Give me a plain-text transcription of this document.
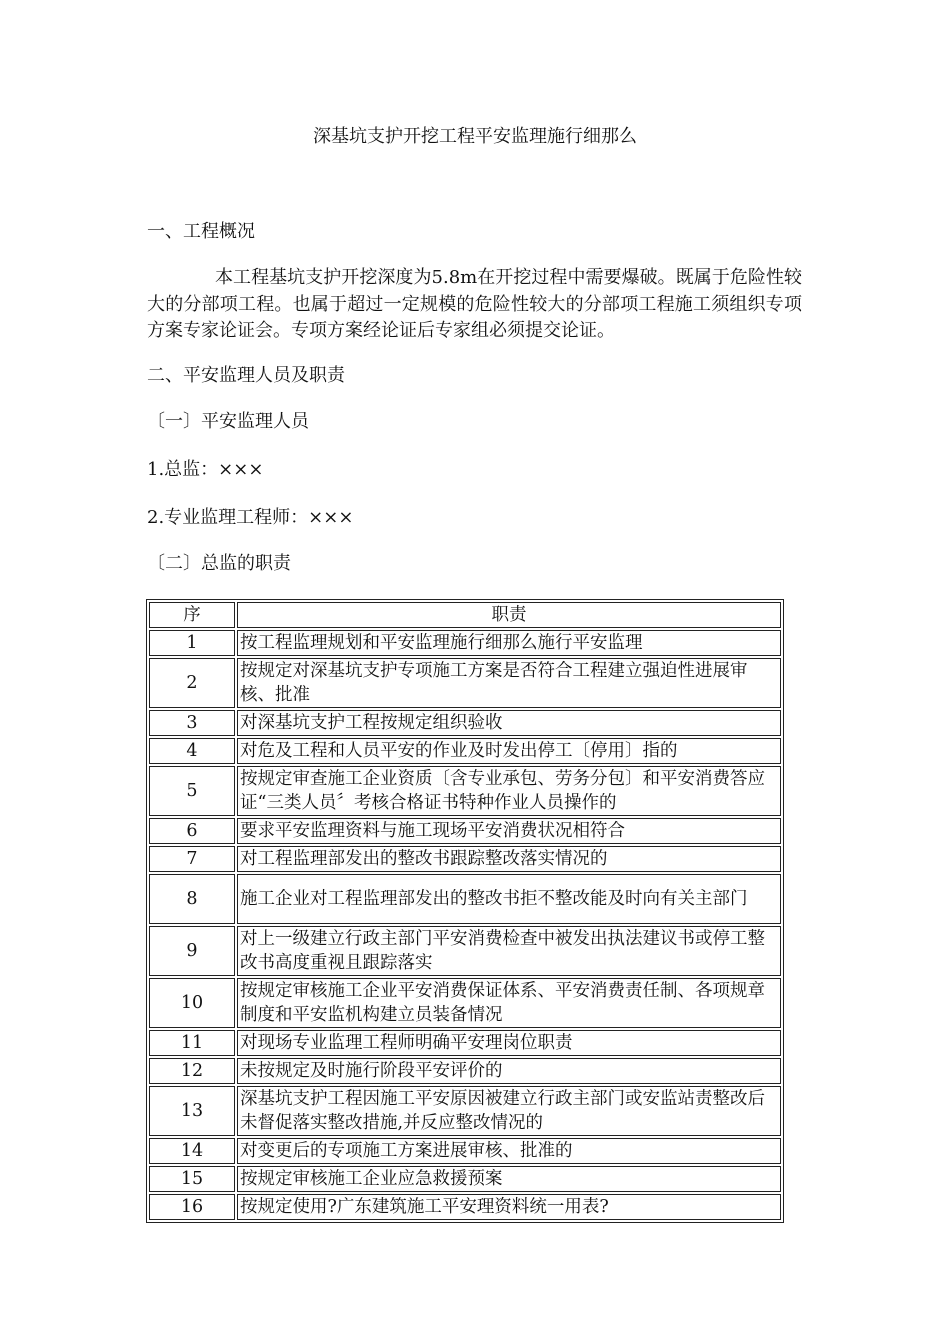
深基坑支护开挖工程平安监理施行细那么
一、工程概况
本工程基坑支护开挖深度为5.8m在开挖过程中需要爆破。既属于危险性较大的分部项工程。也属于超过一定规模的危险性较大的分部项工程施工须组织专项方案专家论证会。专项方案经论证后专家组必须提交论证。
二、平安监理人员及职责
〔一〕平安监理人员
1.总监：×××
2.专业监理工程师：×××
〔二〕总监的职责
序	职责
1	按工程监理规划和平安监理施行细那么施行平安监理
2	按规定对深基坑支护专项施工方案是否符合工程建立强迫性进展审核、批准
3	对深基坑支护工程按规定组织验收
4	对危及工程和人员平安的作业及时发出停工〔停用〕指的
5	按规定审查施工企业资质〔含专业承包、劳务分包〕和平安消费答应证“三类人员〞考核合格证书特种作业人员操作的
6	要求平安监理资料与施工现场平安消费状况相符合
7	对工程监理部发出的整改书跟踪整改落实情况的
8	施工企业对工程监理部发出的整改书拒不整改能及时向有关主部门
9	对上一级建立行政主部门平安消费检查中被发出执法建议书或停工整改书高度重视且跟踪落实
10	按规定审核施工企业平安消费保证体系、平安消费责任制、各项规章制度和平安监机构建立员装备情况
11	对现场专业监理工程师明确平安理岗位职责
12	未按规定及时施行阶段平安评价的
13	深基坑支护工程因施工平安原因被建立行政主部门或安监站责整改后未督促落实整改措施,并反应整改情况的
14	对变更后的专项施工方案进展审核、批准的
15	按规定审核施工企业应急救援预案
16	按规定使用?广东建筑施工平安理资料统一用表?
